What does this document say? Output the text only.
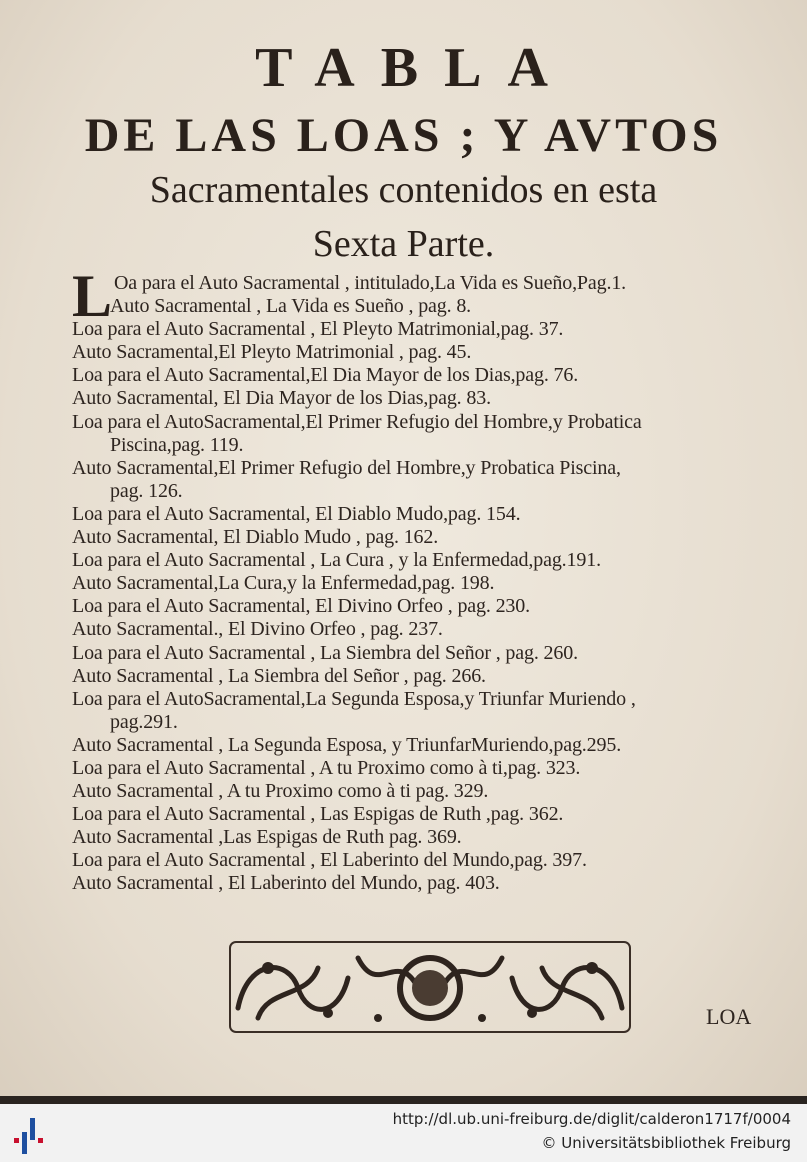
TABLA
DE LAS LOAS ; Y AVTOS
Sacramentales contenidos en esta
Sexta Parte.
L Oa para el Auto Sacramental , intitulado,La Vida es Sueño,Pag.1.
Auto Sacramental , La Vida es Sueño , pag. 8.
Loa para el Auto Sacramental , El Pleyto Matrimonial,pag. 37.
Auto Sacramental,El Pleyto Matrimonial , pag. 45.
Loa para el Auto Sacramental,El Dia Mayor de los Dias,pag. 76.
Auto Sacramental, El Dia Mayor de los Dias,pag. 83.
Loa para el AutoSacramental,El Primer Refugio del Hombre,y Probatica
Piscina,pag. 119.
Auto Sacramental,El Primer Refugio del Hombre,y Probatica Piscina,
pag. 126.
Loa para el Auto Sacramental, El Diablo Mudo,pag. 154.
Auto Sacramental, El Diablo Mudo , pag. 162.
Loa para el Auto Sacramental , La Cura , y la Enfermedad,pag.191.
Auto Sacramental,La Cura,y la Enfermedad,pag. 198.
Loa para el Auto Sacramental, El Divino Orfeo , pag. 230.
Auto Sacramental., El Divino Orfeo , pag. 237.
Loa para el Auto Sacramental , La Siembra del Señor , pag. 260.
Auto Sacramental , La Siembra del Señor , pag. 266.
Loa para el AutoSacramental,La Segunda Esposa,y Triunfar Muriendo ,
pag.291.
Auto Sacramental , La Segunda Esposa, y TriunfarMuriendo,pag.295.
Loa para el Auto Sacramental , A tu Proximo como à ti,pag. 323.
Auto Sacramental , A tu Proximo como à ti pag. 329.
Loa para el Auto Sacramental , Las Espigas de Ruth ,pag. 362.
Auto Sacramental ,Las Espigas de Ruth pag. 369.
Loa para el Auto Sacramental , El Laberinto del Mundo,pag. 397.
Auto Sacramental , El Laberinto del Mundo, pag. 403.
LOA
http://dl.ub.uni-freiburg.de/diglit/calderon1717f/0004
© Universitätsbibliothek Freiburg
